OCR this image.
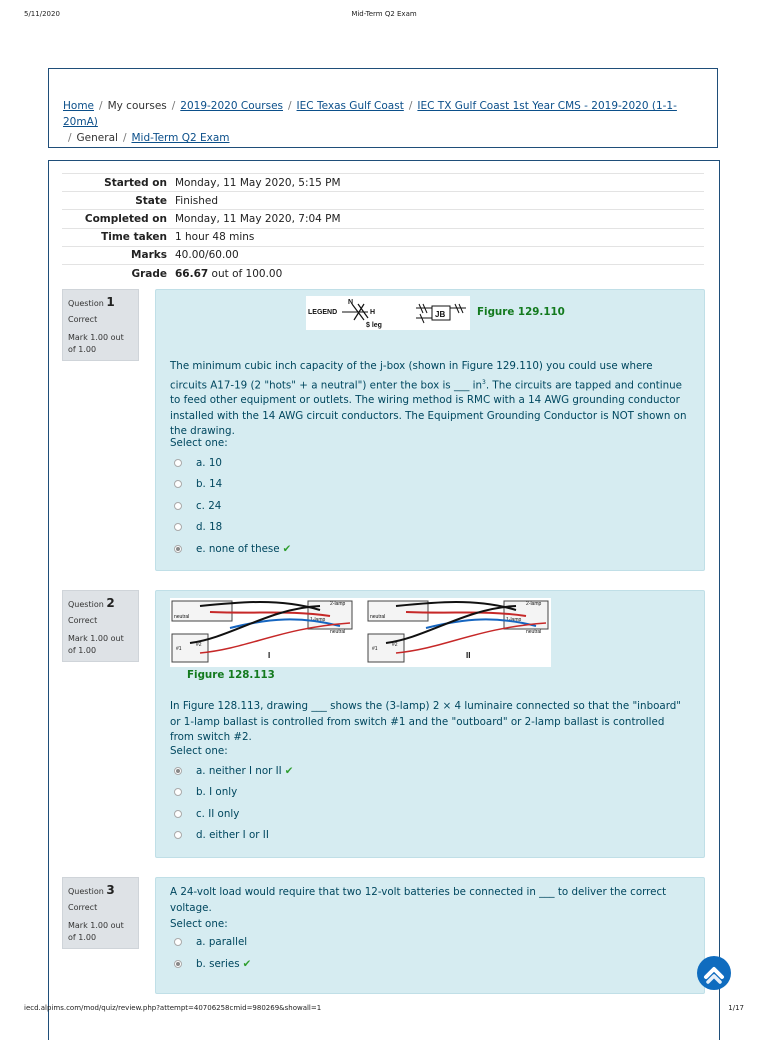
5/11/2020	Mid-Term Q2 Exam
Home / My courses / 2019-2020 Courses / IEC Texas Gulf Coast / IEC TX Gulf Coast 1st Year CMS - 2019-2020 (1-1-20mA)
/ General / Mid-Term Q2 Exam
Started on	Monday, 11 May 2020, 5:15 PM
State	Finished
Completed on	Monday, 11 May 2020, 7:04 PM
Time taken	1 hour 48 mins
Marks	40.00/60.00
Grade	66.67 out of 100.00
Question 1
Correct
Mark 1.00 out of 1.00
LEGEND
N
H
$ leg
JB	Figure 129.110
The minimum cubic inch capacity of the j-box (shown in Figure 129.110) you could use where circuits A17-19 (2 "hots" + a neutral") enter the box is ___ $in^3$. The circuits are tapped and continue to feed other equipment or outlets. The wiring method is RMC with a 14 AWG grounding conductor installed with the 14 AWG circuit conductors. The Equipment Grounding Conductor is NOT shown on the drawing.
Select one:
a. 10
b. 14
c. 24
d. 18
e. none of these ✔
Question 2
Correct
Mark 1.00 out of 1.00
neutral
2-lamp
1-lamp
neutral
#1
#2
I
neutral
2-lamp
1-lamp
neutral
#1
#2
II
Figure 128.113
In Figure 128.113, drawing ___ shows the (3-lamp) 2 × 4 luminaire connected so that the "inboard" or 1-lamp ballast is controlled from switch #1 and the "outboard" or 2-lamp ballast is controlled from switch #2.
Select one:
a. neither I nor II ✔
b. I only
c. II only
d. either I or II
Question 3
Correct
Mark 1.00 out of 1.00
A 24-volt load would require that two 12-volt batteries be connected in ___ to deliver the correct voltage.
Select one:
a. parallel
b. series ✔
iecd.alpims.com/mod/quiz/review.php?attempt=40706258cmid=980269&showall=1	1/17
